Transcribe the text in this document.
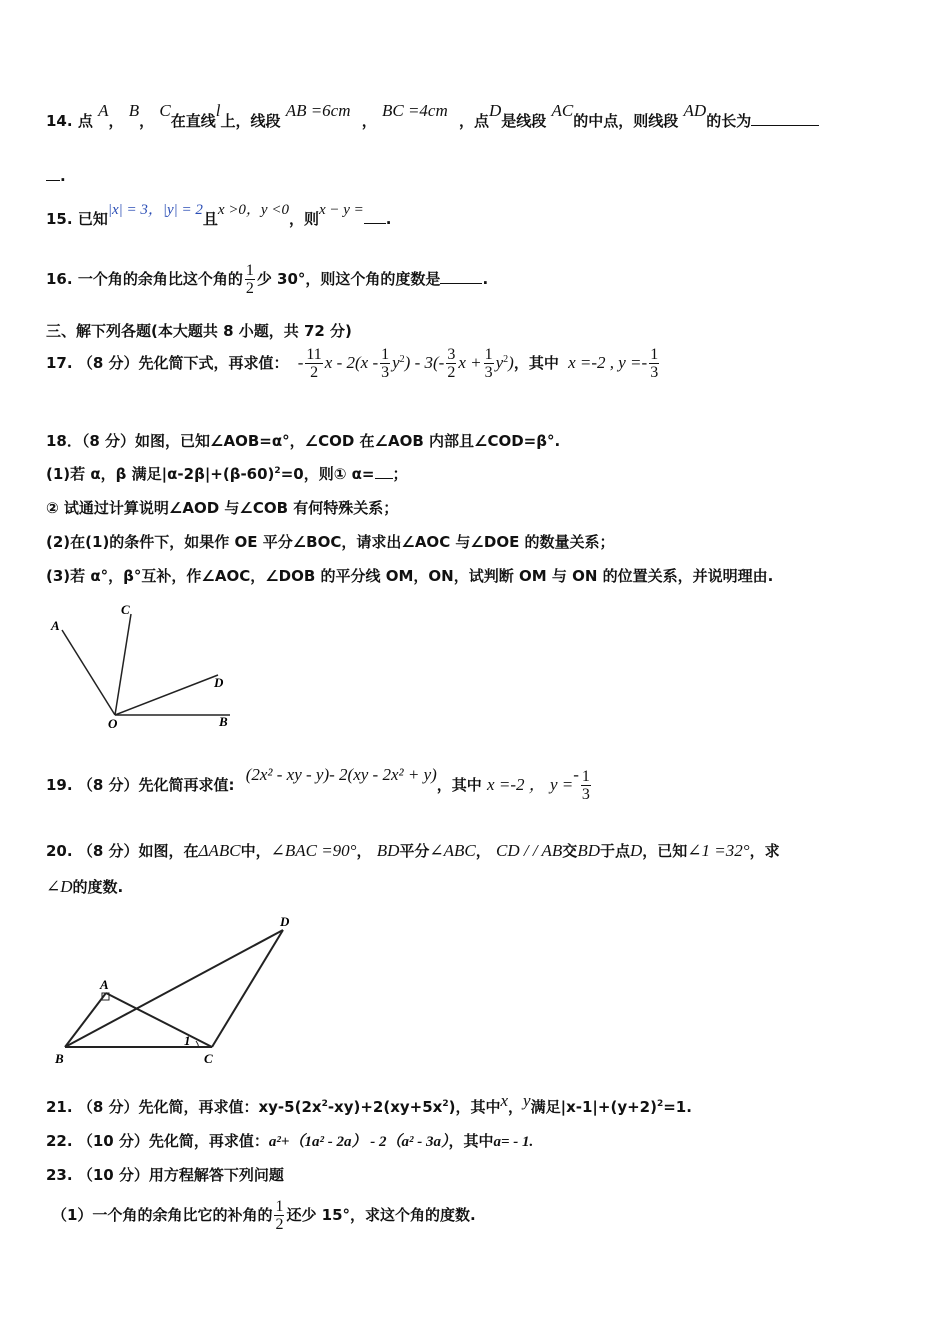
14. 点 A， B， C在直线l上，线段 AB =6cm ， BC =4cm ，点D是线段 AC的中点，则线段 AD的长为
.
15. 已知|x| = 3，|y| = 2且x >0，y <0，则x − y = .
16. 一个角的余角比这个角的 $\frac{1}{2}$ 少 30°，则这个角的度数是	.
三、解下列各题(本大题共 8 小题，共 72 分)
17. （8 分）先化简下式，再求值： - $\frac{11}{2}$ x - $2(x - \frac{1}{3} y^2) - 3(- \frac{3}{2}$ $x + \frac{1}{3} y^2$)，其中 x =-2 , $y =- \frac{1}{3}$
18．（8 分）如图，已知∠AOB=α°，∠COD 在∠AOB 内部且∠COD=β°.
(1)若 α，β 满足$|\alpha-2\beta|+(\beta-60)^2=0$，则① α= ；
② 试通过计算说明∠AOD 与∠COB 有何特殊关系；
(2)在(1)的条件下，如果作 OE 平分∠BOC，请求出∠AOC 与∠DOE 的数量关系；
(3)若 α°，β°互补，作∠AOC，∠DOB 的平分线 OM，ON，试判断 OM 与 ON 的位置关系，并说明理由.
A
C
D
O	B
19. （8 分）先化简再求值: (2x² - xy - y)- 2(xy - 2x² + y)，其中 x =-2 ， $y =- \frac{1}{3}$
20. （8 分）如图，在ΔABC中，∠BAC =90°， BD平分∠ABC， CD / / AB交BD于点D，已知∠1 =32°，求
∠D的度数.
A
B	C
D
1
21. （8 分）先化简，再求值：$xy-5(2x^2-xy)+2(xy+5x^2)$，其中x，y满足$|x-1|+(y+2)^2=1$.
22. （10 分）先化简，再求值：a²+（1a² - 2a） - 2（a² - 3a），其中a= - 1.
23. （10 分）用方程解答下列问题
（1）一个角的余角比它的补角的 $\frac{1}{2}$ 还少 15°，求这个角的度数.
